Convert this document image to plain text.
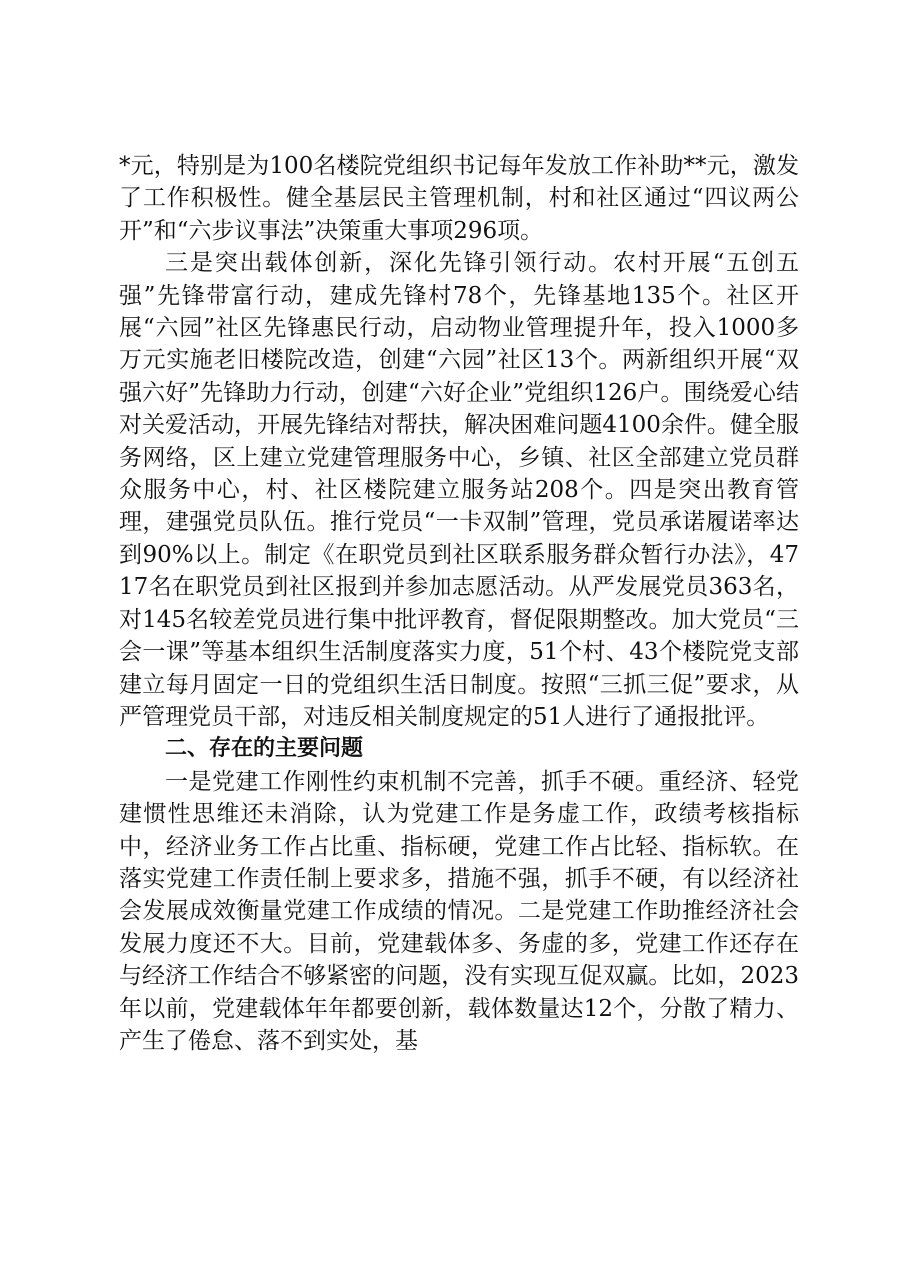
*元，特别是为100名楼院党组织书记每年发放工作补助**元，激发了工作积极性。健全基层民主管理机制，村和社区通过“四议两公开”和“六步议事法”决策重大事项296项。

三是突出载体创新，深化先锋引领行动。农村开展“五创五强”先锋带富行动，建成先锋村78个，先锋基地135个。社区开展“六园”社区先锋惠民行动，启动物业管理提升年，投入1000多万元实施老旧楼院改造，创建“六园”社区13个。两新组织开展“双强六好”先锋助力行动，创建“六好企业”党组织126户。围绕爱心结对关爱活动，开展先锋结对帮扶，解决困难问题4100余件。健全服务网络，区上建立党建管理服务中心，乡镇、社区全部建立党员群众服务中心，村、社区楼院建立服务站208个。四是突出教育管理，建强党员队伍。推行党员“一卡双制”管理，党员承诺履诺率达到90%以上。制定《在职党员到社区联系服务群众暂行办法》，4717名在职党员到社区报到并参加志愿活动。从严发展党员363名，对145名较差党员进行集中批评教育，督促限期整改。加大党员“三会一课”等基本组织生活制度落实力度，51个村、43个楼院党支部建立每月固定一日的党组织生活日制度。按照“三抓三促”要求，从严管理党员干部，对违反相关制度规定的51人进行了通报批评。

二、存在的主要问题

一是党建工作刚性约束机制不完善，抓手不硬。重经济、轻党建惯性思维还未消除，认为党建工作是务虚工作，政绩考核指标中，经济业务工作占比重、指标硬，党建工作占比轻、指标软。在落实党建工作责任制上要求多，措施不强，抓手不硬，有以经济社会发展成效衡量党建工作成绩的情况。二是党建工作助推经济社会发展力度还不大。目前，党建载体多、务虚的多，党建工作还存在与经济工作结合不够紧密的问题，没有实现互促双赢。比如，2023年以前，党建载体年年都要创新，载体数量达12个，分散了精力、产生了倦怠、落不到实处，基
